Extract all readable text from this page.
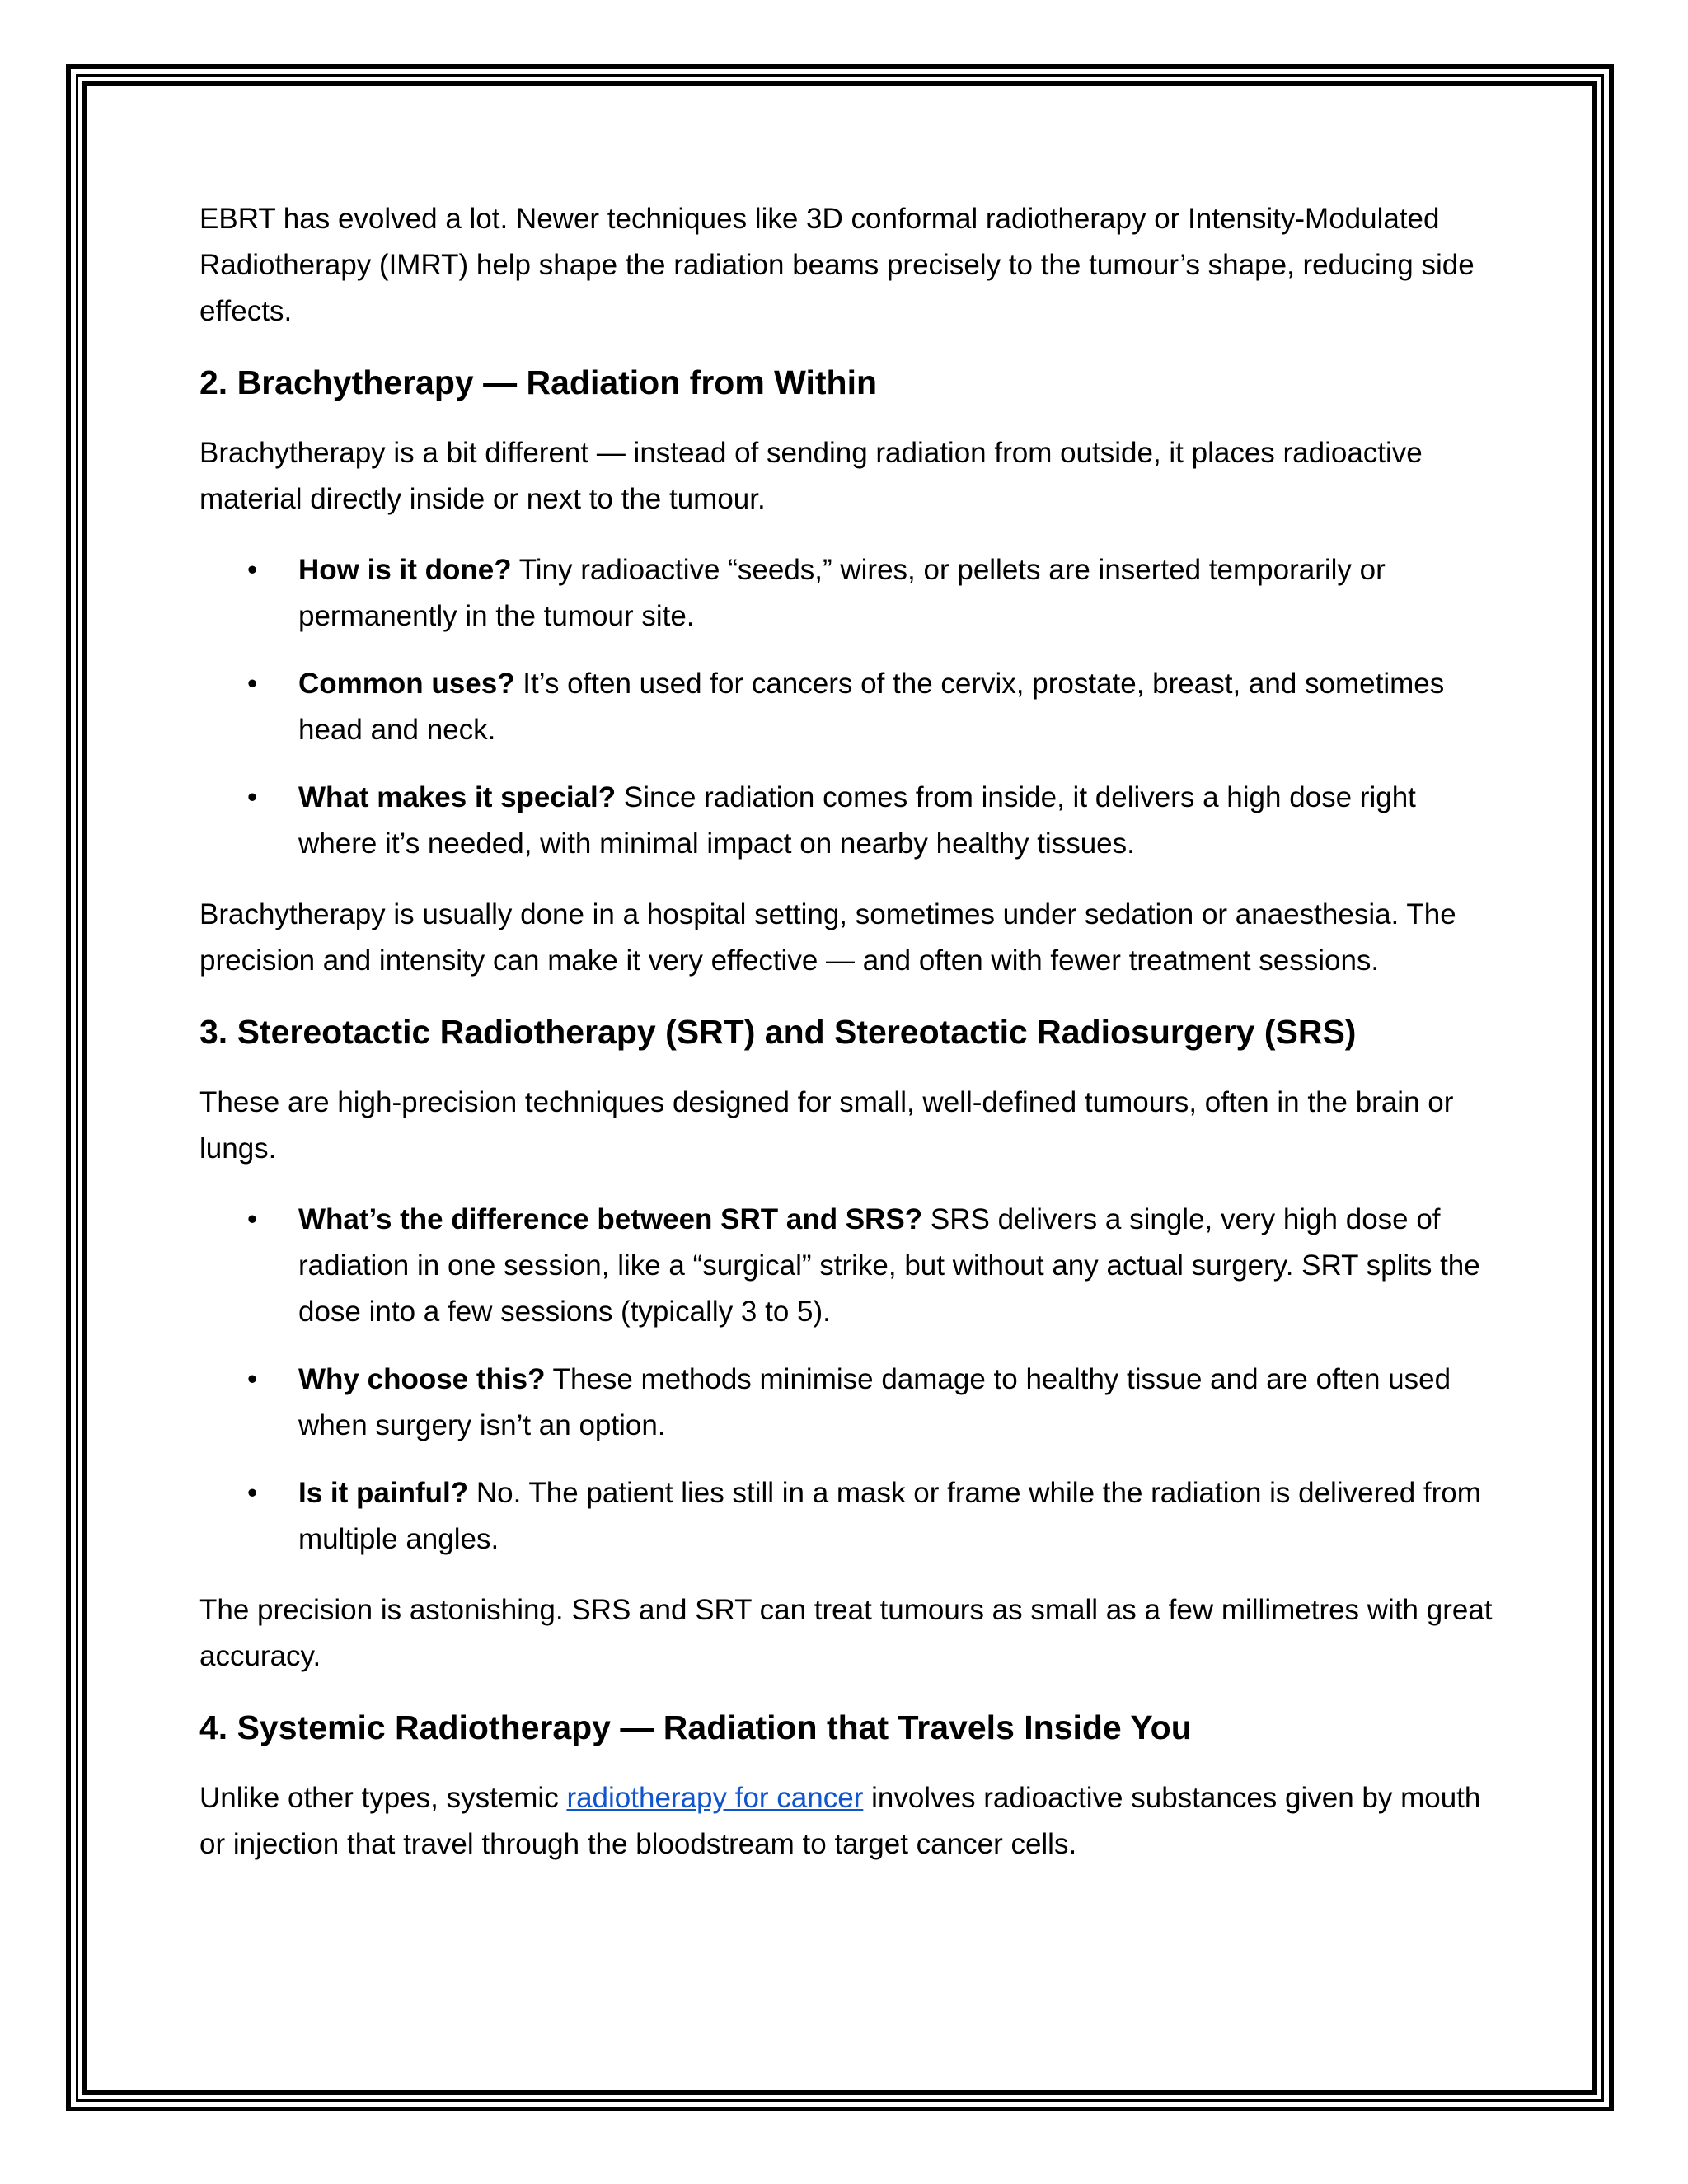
EBRT has evolved a lot. Newer techniques like 3D conformal radiotherapy or Intensity-Modulated Radiotherapy (IMRT) help shape the radiation beams precisely to the tumour’s shape, reducing side effects.

2. Brachytherapy — Radiation from Within

Brachytherapy is a bit different — instead of sending radiation from outside, it places radioactive material directly inside or next to the tumour.

• How is it done? Tiny radioactive “seeds,” wires, or pellets are inserted temporarily or permanently in the tumour site.
• Common uses? It’s often used for cancers of the cervix, prostate, breast, and sometimes head and neck.
• What makes it special? Since radiation comes from inside, it delivers a high dose right where it’s needed, with minimal impact on nearby healthy tissues.

Brachytherapy is usually done in a hospital setting, sometimes under sedation or anaesthesia. The precision and intensity can make it very effective — and often with fewer treatment sessions.

3. Stereotactic Radiotherapy (SRT) and Stereotactic Radiosurgery (SRS)

These are high-precision techniques designed for small, well-defined tumours, often in the brain or lungs.

• What’s the difference between SRT and SRS? SRS delivers a single, very high dose of radiation in one session, like a “surgical” strike, but without any actual surgery. SRT splits the dose into a few sessions (typically 3 to 5).
• Why choose this? These methods minimise damage to healthy tissue and are often used when surgery isn’t an option.
• Is it painful? No. The patient lies still in a mask or frame while the radiation is delivered from multiple angles.

The precision is astonishing. SRS and SRT can treat tumours as small as a few millimetres with great accuracy.

4. Systemic Radiotherapy — Radiation that Travels Inside You

Unlike other types, systemic radiotherapy for cancer involves radioactive substances given by mouth or injection that travel through the bloodstream to target cancer cells.
